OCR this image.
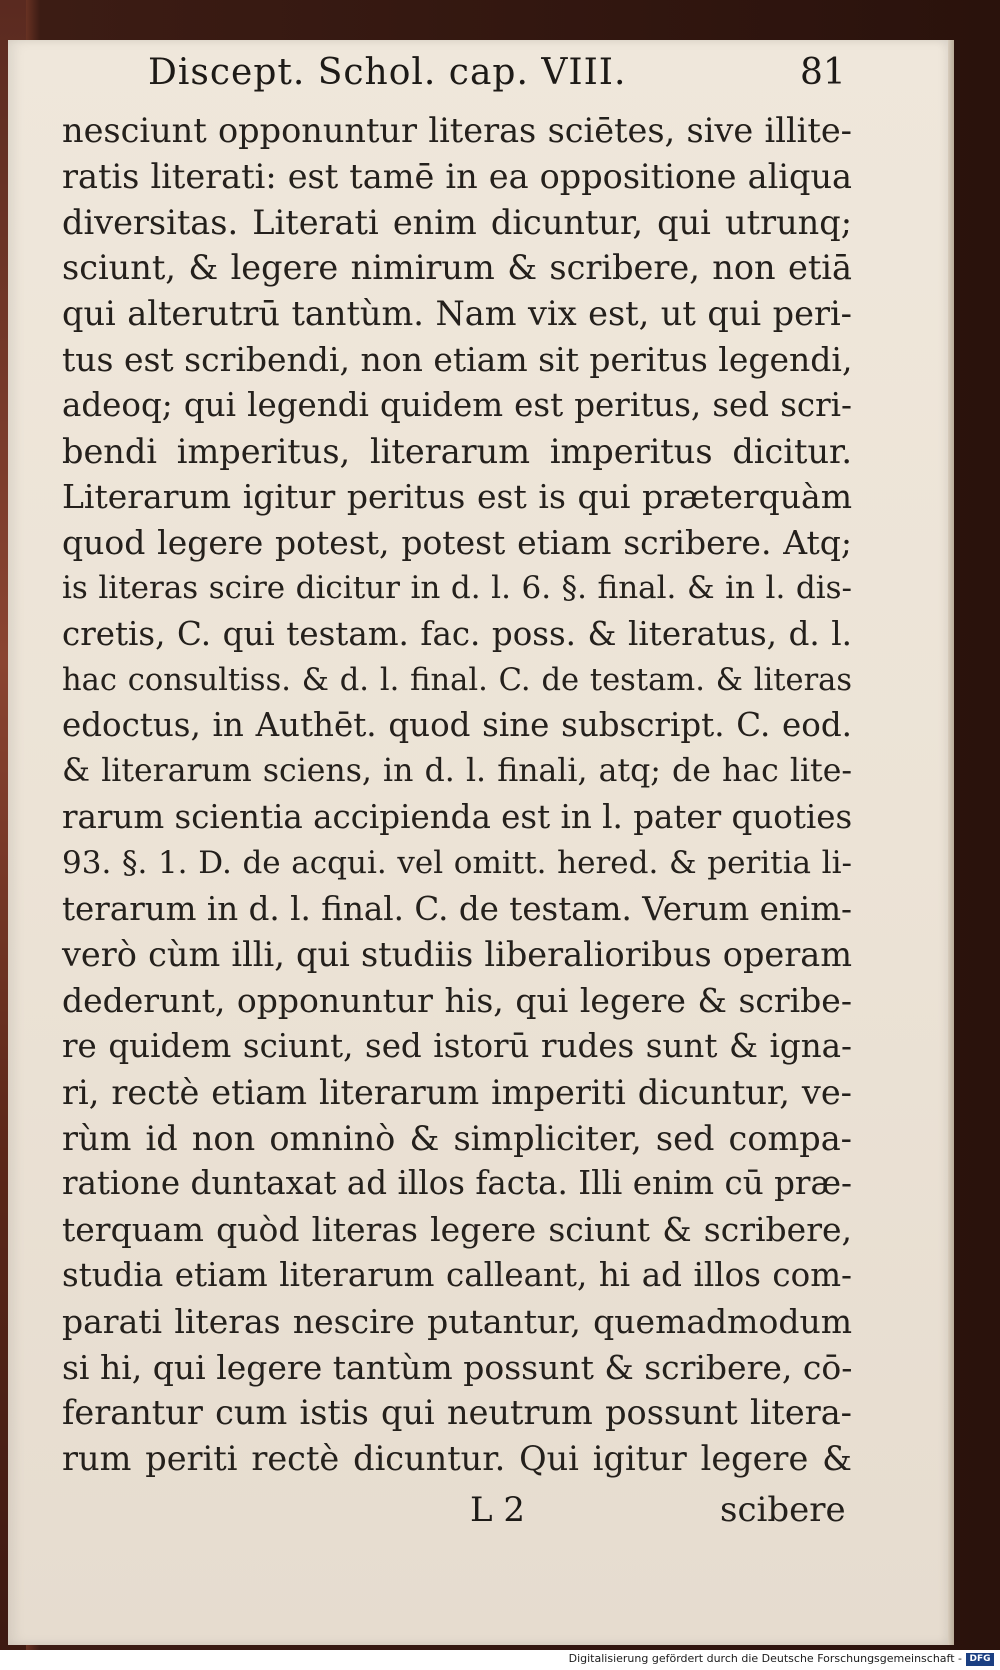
Discept. Schol. cap. VIII.	81
nesciunt opponuntur literas sciētes, sive illite-
ratis literati: est tamē in ea oppositione aliqua
diversitas. Literati enim dicuntur, qui utrunq;
sciunt, & legere nimirum & scribere, non etiā
qui alterutrū tantùm. Nam vix est, ut qui peri-
tus est scribendi, non etiam sit peritus legendi,
adeoq; qui legendi quidem est peritus, sed scri-
bendi imperitus, literarum imperitus dicitur.
Literarum igitur peritus est is qui præterquàm
quod legere potest, potest etiam scribere. Atq;
is literas scire dicitur in d. l. 6. §. final. & in l. dis-
cretis, C. qui testam. fac. poss. & literatus, d. l.
hac consultiss. & d. l. final. C. de testam. & literas
edoctus, in Authēt. quod sine subscript. C. eod.
& literarum sciens, in d. l. finali, atq; de hac lite-
rarum scientia accipienda est in l. pater quoties
93. §. 1. D. de acqui. vel omitt. hered. & peritia li-
terarum in d. l. final. C. de testam. Verum enim-
verò cùm illi, qui studiis liberalioribus operam
dederunt, opponuntur his, qui legere & scribe-
re quidem sciunt, sed istorū rudes sunt & igna-
ri, rectè etiam literarum imperiti dicuntur, ve-
rùm id non omninò & simpliciter, sed compa-
ratione duntaxat ad illos facta. Illi enim cū præ-
terquam quòd literas legere sciunt & scribere,
studia etiam literarum calleant, hi ad illos com-
parati literas nescire putantur, quemadmodum
si hi, qui legere tantùm possunt & scribere, cō-
ferantur cum istis qui neutrum possunt litera-
rum periti rectè dicuntur. Qui igitur legere &
L 2	scibere
Digitalisierung gefördert durch die Deutsche Forschungsgemeinschaft - DFG
